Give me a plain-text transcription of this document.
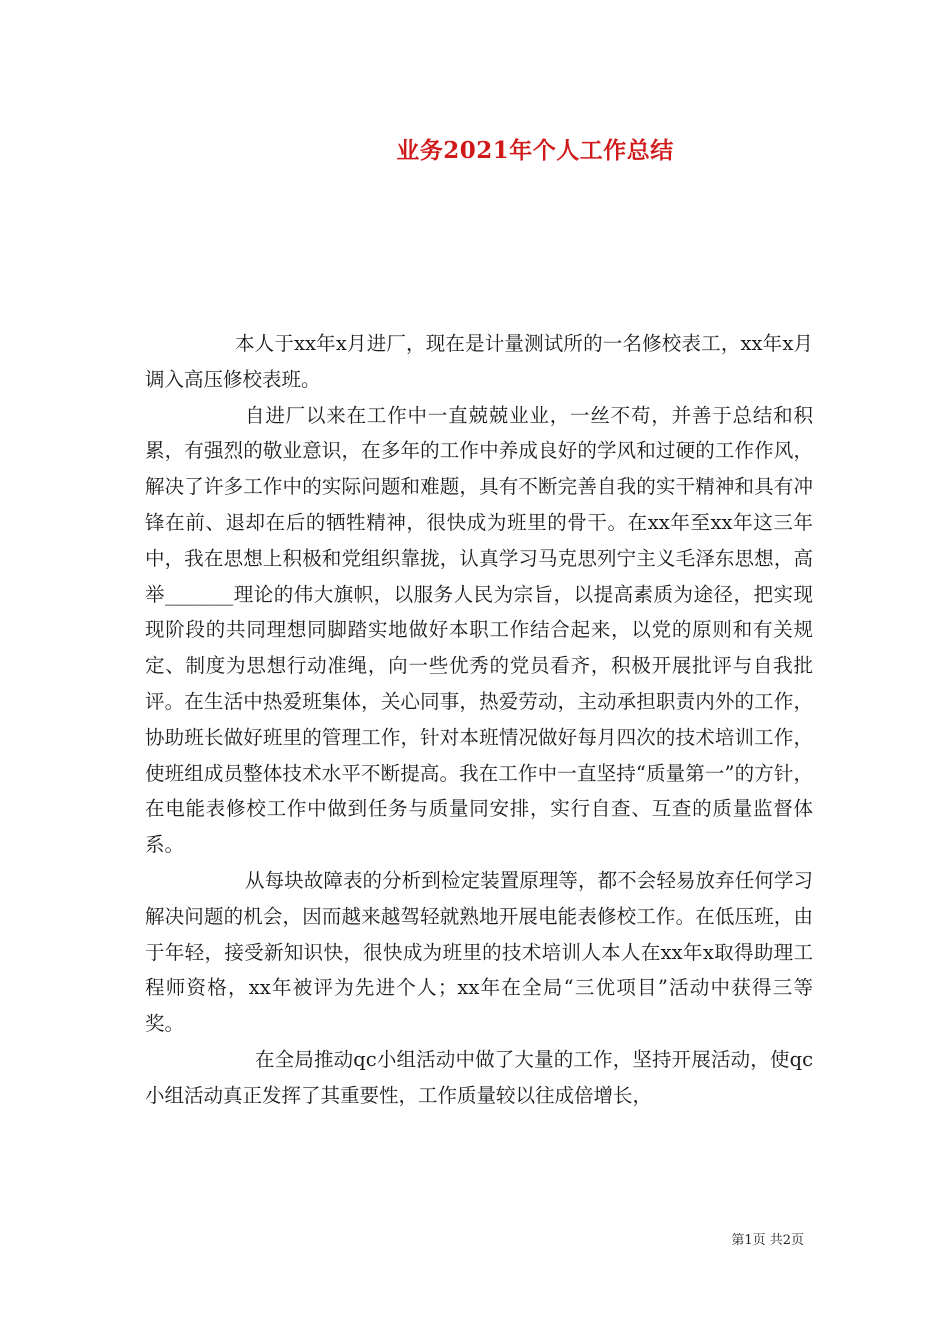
业务2021年个人工作总结

本人于xx年x月进厂，现在是计量测试所的一名修校表工，xx年x月调入高压修校表班。

自进厂以来在工作中一直兢兢业业，一丝不苟，并善于总结和积累，有强烈的敬业意识，在多年的工作中养成良好的学风和过硬的工作作风，解决了许多工作中的实际问题和难题，具有不断完善自我的实干精神和具有冲锋在前、退却在后的牺牲精神，很快成为班里的骨干。在xx年至xx年这三年中，我在思想上积极和党组织靠拢，认真学习马克思列宁主义毛泽东思想，高举_______理论的伟大旗帜，以服务人民为宗旨，以提高素质为途径，把实现现阶段的共同理想同脚踏实地做好本职工作结合起来，以党的原则和有关规定、制度为思想行动准绳，向一些优秀的党员看齐，积极开展批评与自我批评。在生活中热爱班集体，关心同事，热爱劳动，主动承担职责内外的工作，协助班长做好班里的管理工作，针对本班情况做好每月四次的技术培训工作，使班组成员整体技术水平不断提高。我在工作中一直坚持“质量第一”的方针，在电能表修校工作中做到任务与质量同安排，实行自查、互查的质量监督体系。

从每块故障表的分析到检定装置原理等，都不会轻易放弃任何学习解决问题的机会，因而越来越驾轻就熟地开展电能表修校工作。在低压班，由于年轻，接受新知识快，很快成为班里的技术培训人本人在xx年x取得助理工程师资格，xx年被评为先进个人；xx年在全局“三优项目”活动中获得三等奖。

在全局推动qc小组活动中做了大量的工作，坚持开展活动，使qc小组活动真正发挥了其重要性，工作质量较以往成倍增长，

第1页 共2页
